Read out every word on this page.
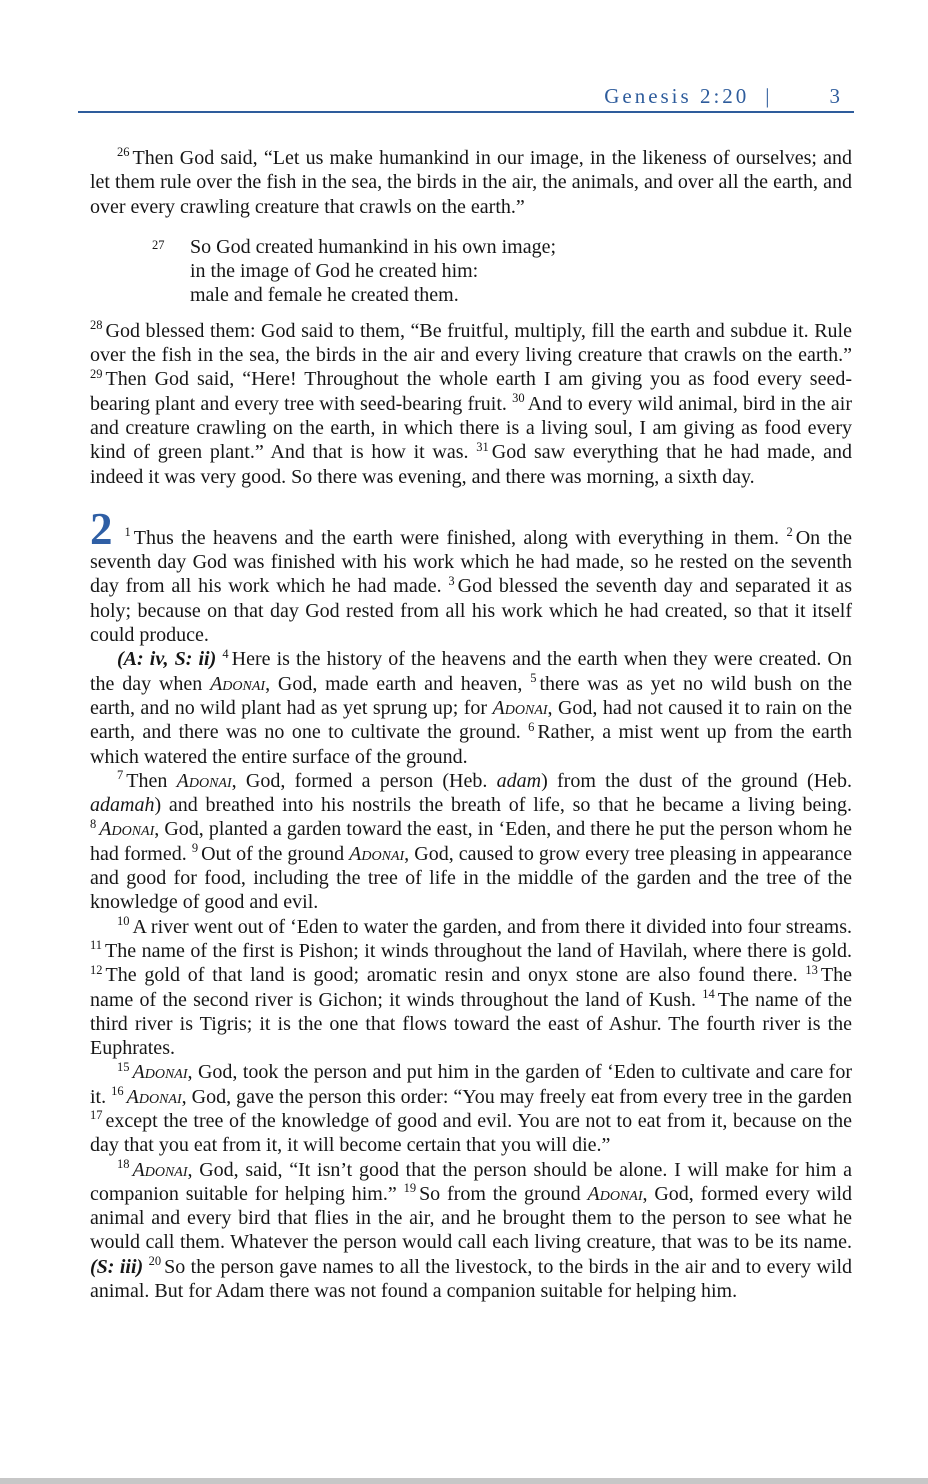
Genesis 2:20 |	3

$^{26}$ Then God said, “Let us make humankind in our image, in the likeness of ourselves; and let them rule over the fish in the sea, the birds in the air, the animals, and over all the earth, and over every crawling creature that crawls on the earth.”

27 So God created humankind in his own image;
in the image of God he created him:
male and female he created them.

$^{28}$ God blessed them: God said to them, “Be fruitful, multiply, fill the earth and subdue it. Rule over the fish in the sea, the birds in the air and every living creature that crawls on the earth.” $^{29}$ Then God said, “Here! Throughout the whole earth I am giving you as food every seed-bearing plant and every tree with seed-bearing fruit. $^{30}$ And to every wild animal, bird in the air and creature crawling on the earth, in which there is a living soul, I am giving as food every kind of green plant.” And that is how it was. $^{31}$ God saw everything that he had made, and indeed it was very good. So there was evening, and there was morning, a sixth day.

2 $^1$ Thus the heavens and the earth were finished, along with everything in them. $^2$ On the seventh day God was finished with his work which he had made, so he rested on the seventh day from all his work which he had made. $^3$ God blessed the seventh day and separated it as holy; because on that day God rested from all his work which he had created, so that it itself could produce.

(A: iv, S: ii) $^4$ Here is the history of the heavens and the earth when they were created. On the day when Adonai, God, made earth and heaven, $^5$ there was as yet no wild bush on the earth, and no wild plant had as yet sprung up; for Adonai, God, had not caused it to rain on the earth, and there was no one to cultivate the ground. $^6$ Rather, a mist went up from the earth which watered the entire surface of the ground.

$^7$ Then Adonai, God, formed a person (Heb. adam) from the dust of the ground (Heb. adamah) and breathed into his nostrils the breath of life, so that he became a living being. $^8$ Adonai, God, planted a garden toward the east, in ‘Eden, and there he put the person whom he had formed. $^9$ Out of the ground Adonai, God, caused to grow every tree pleasing in appearance and good for food, including the tree of life in the middle of the garden and the tree of the knowledge of good and evil.

$^{10}$ A river went out of ‘Eden to water the garden, and from there it divided into four streams. $^{11}$ The name of the first is Pishon; it winds throughout the land of Havilah, where there is gold. $^{12}$ The gold of that land is good; aromatic resin and onyx stone are also found there. $^{13}$ The name of the second river is Gichon; it winds throughout the land of Kush. $^{14}$ The name of the third river is Tigris; it is the one that flows toward the east of Ashur. The fourth river is the Euphrates.

$^{15}$ Adonai, God, took the person and put him in the garden of ‘Eden to cultivate and care for it. $^{16}$ Adonai, God, gave the person this order: “You may freely eat from every tree in the garden $^{17}$ except the tree of the knowledge of good and evil. You are not to eat from it, because on the day that you eat from it, it will become certain that you will die.”

$^{18}$ Adonai, God, said, “It isn’t good that the person should be alone. I will make for him a companion suitable for helping him.” $^{19}$ So from the ground Adonai, God, formed every wild animal and every bird that flies in the air, and he brought them to the person to see what he would call them. Whatever the person would call each living creature, that was to be its name. (S: iii) $^{20}$ So the person gave names to all the livestock, to the birds in the air and to every wild animal. But for Adam there was not found a companion suitable for helping him.
